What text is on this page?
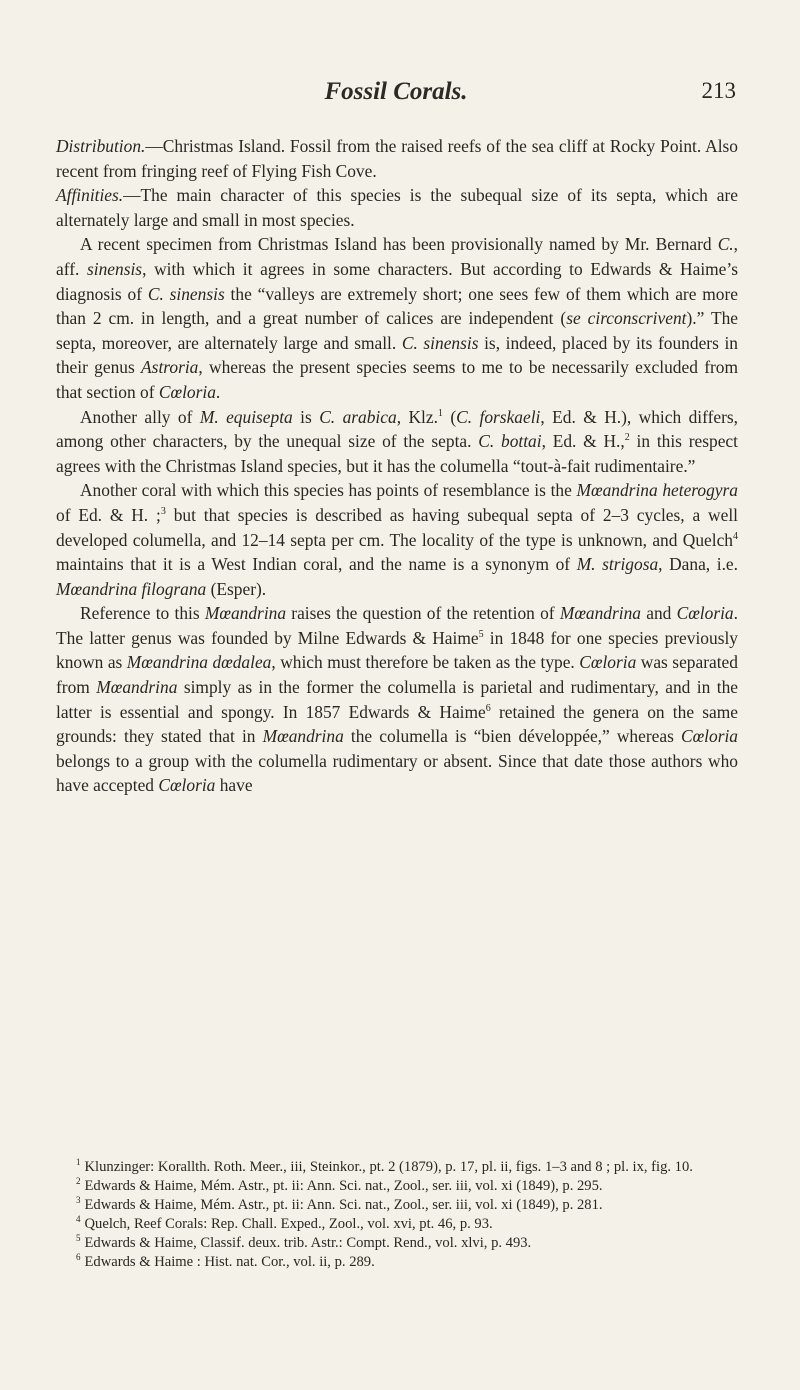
Fossil Corals.	213

Distribution.—Christmas Island. Fossil from the raised reefs of the sea cliff at Rocky Point. Also recent from fringing reef of Flying Fish Cove.

Affinities.—The main character of this species is the subequal size of its septa, which are alternately large and small in most species.

A recent specimen from Christmas Island has been provisionally named by Mr. Bernard C., aff. sinensis, with which it agrees in some characters. But according to Edwards & Haime’s diagnosis of C. sinensis the “valleys are extremely short; one sees few of them which are more than 2 cm. in length, and a great number of calices are independent (se circonscrivent).” The septa, moreover, are alternately large and small. C. sinensis is, indeed, placed by its founders in their genus Astroria, whereas the present species seems to me to be necessarily excluded from that section of Cœloria.

Another ally of M. equisepta is C. arabica, Klz.$^1$ (C. forskaeli, Ed. & H.), which differs, among other characters, by the unequal size of the septa. C. bottai, Ed. & H.,$^2$ in this respect agrees with the Christmas Island species, but it has the columella “tout-à-fait rudimentaire.”

Another coral with which this species has points of resemblance is the Mœandrina heterogyra of Ed. & H. ;$^3$ but that species is described as having subequal septa of 2–3 cycles, a well developed columella, and 12–14 septa per cm. The locality of the type is unknown, and Quelch$^4$ maintains that it is a West Indian coral, and the name is a synonym of M. strigosa, Dana, i.e. Mœandrina filograna (Esper).

Reference to this Mœandrina raises the question of the retention of Mœandrina and Cœloria. The latter genus was founded by Milne Edwards & Haime$^5$ in 1848 for one species previously known as Mœandrina dœdalea, which must therefore be taken as the type. Cœloria was separated from Mœandrina simply as in the former the columella is parietal and rudimentary, and in the latter is essential and spongy. In 1857 Edwards & Haime$^6$ retained the genera on the same grounds: they stated that in Mœandrina the columella is “bien développée,” whereas Cœloria belongs to a group with the columella rudimentary or absent. Since that date those authors who have accepted Cœloria have

$^1$ Klunzinger: Korallth. Roth. Meer., iii, Steinkor., pt. 2 (1879), p. 17, pl. ii, figs. 1–3 and 8 ; pl. ix, fig. 10.

$^2$ Edwards & Haime, Mém. Astr., pt. ii: Ann. Sci. nat., Zool., ser. iii, vol. xi (1849), p. 295.

$^3$ Edwards & Haime, Mém. Astr., pt. ii: Ann. Sci. nat., Zool., ser. iii, vol. xi (1849), p. 281.

$^4$ Quelch, Reef Corals: Rep. Chall. Exped., Zool., vol. xvi, pt. 46, p. 93.

$^5$ Edwards & Haime, Classif. deux. trib. Astr.: Compt. Rend., vol. xlvi, p. 493.

$^6$ Edwards & Haime : Hist. nat. Cor., vol. ii, p. 289.
